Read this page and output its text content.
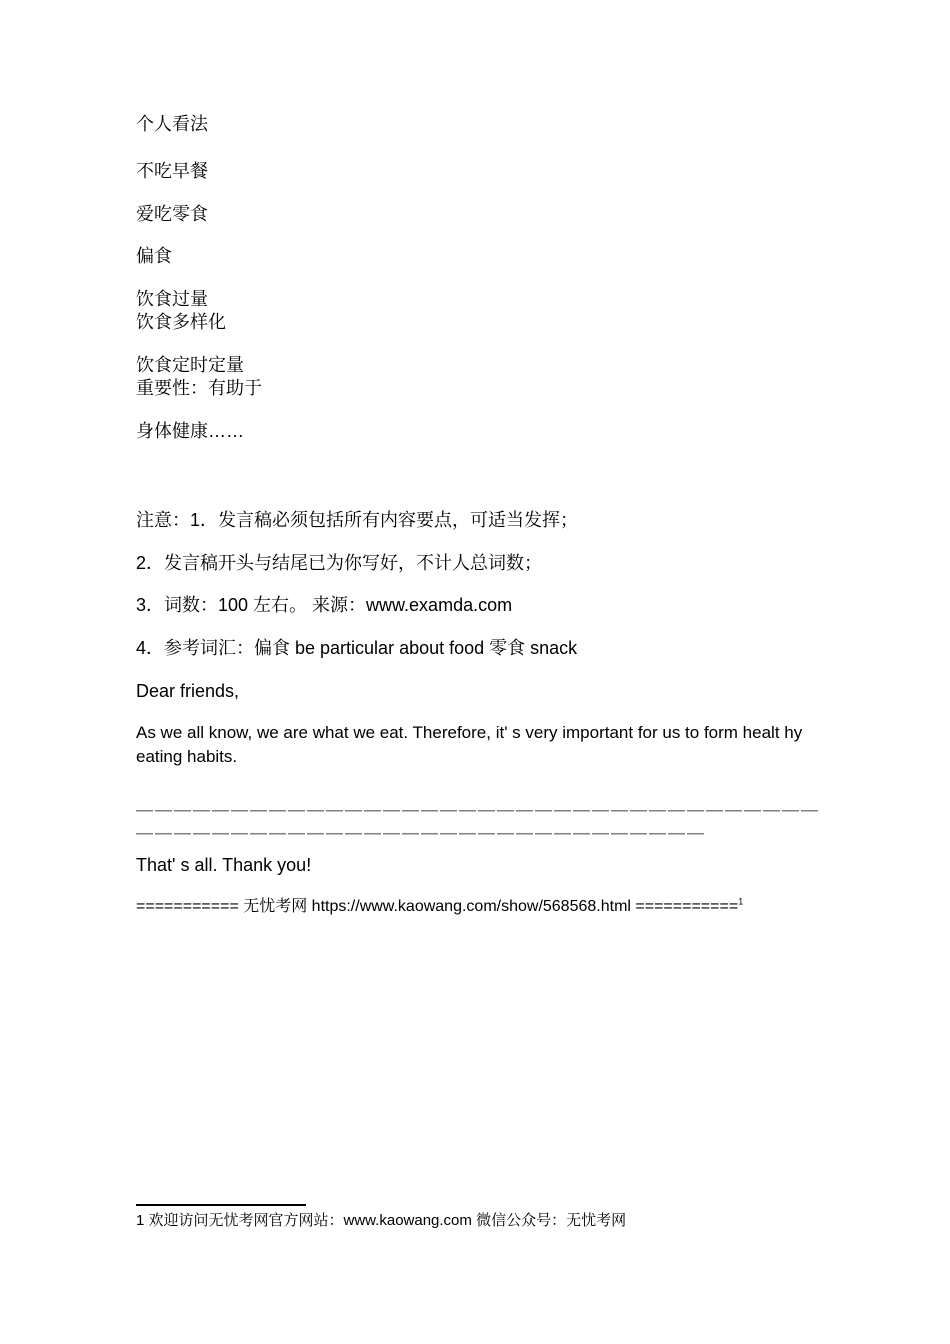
个人看法
不吃早餐
爱吃零食
偏食
饮食过量
饮食多样化
饮食定时定量
重要性：有助于
身体健康……
注意：1．发言稿必须包括所有内容要点，可适当发挥；
2．发言稿开头与结尾已为你写好，不计人总词数；
3．词数：100 左右。 来源：www.examda.com
4．参考词汇：偏食 be particular about food 零食 snack
Dear friends,
As we all know, we are what we eat. Therefore, it' s very important for us to form healt hy eating habits.
＿＿＿＿＿＿＿＿＿＿＿＿＿＿＿＿＿＿＿＿＿＿＿＿＿＿＿＿＿＿＿＿＿＿＿＿
＿＿＿＿＿＿＿＿＿＿＿＿＿＿＿＿＿＿＿＿＿＿＿＿＿＿＿＿＿＿
That' s all. Thank you!
=========== 无忧考网 https://www.kaowang.com/show/568568.html ===========$^1$
1 欢迎访问无忧考网官方网站：www.kaowang.com 微信公众号：无忧考网
